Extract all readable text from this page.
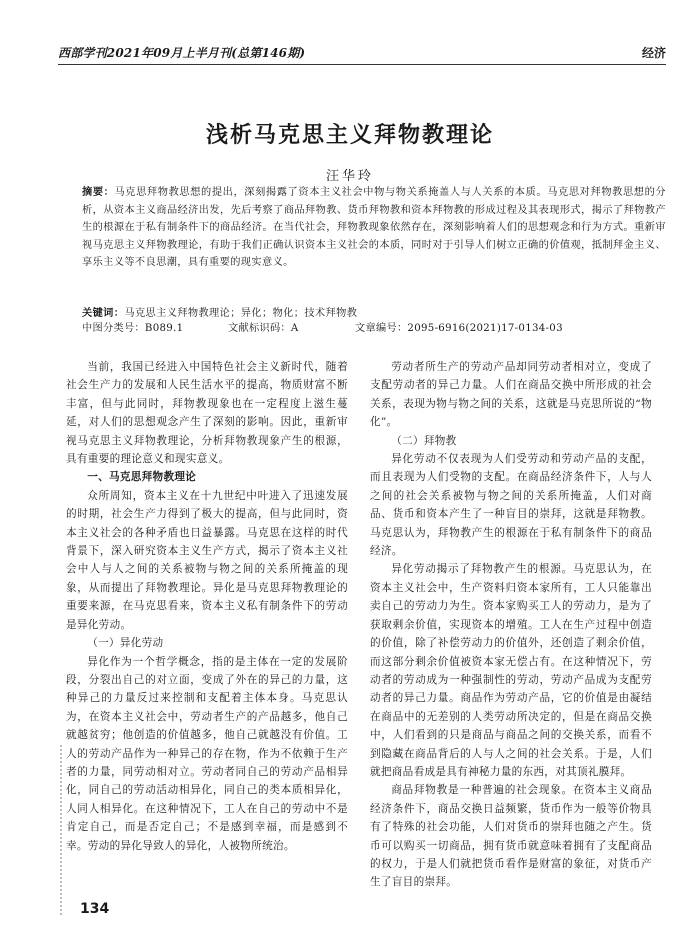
西部学刊2021年09月上半月刊(总第146期)	经济
浅析马克思主义拜物教理论
汪华玲
摘要：马克思拜物教思想的提出，深刻揭露了资本主义社会中物与物关系掩盖人与人关系的本质。马克思对拜物教思想的分析，从资本主义商品经济出发，先后考察了商品拜物教、货币拜物教和资本拜物教的形成过程及其表现形式，揭示了拜物教产生的根源在于私有制条件下的商品经济。在当代社会，拜物教现象依然存在，深刻影响着人们的思想观念和行为方式。重新审视马克思主义拜物教理论，有助于我们正确认识资本主义社会的本质，同时对于引导人们树立正确的价值观，抵制拜金主义、享乐主义等不良思潮，具有重要的现实意义。
关键词：马克思主义拜物教理论；异化；物化；技术拜物教
中图分类号：B089.1	文献标识码：A	文章编号：2095-6916(2021)17-0134-03

当前，我国已经进入中国特色社会主义新时代，随着社会生产力的发展和人民生活水平的提高，物质财富不断丰富，但与此同时，拜物教现象也在一定程度上滋生蔓延，对人们的思想观念产生了深刻的影响。因此，重新审视马克思主义拜物教理论，分析拜物教现象产生的根源，具有重要的理论意义和现实意义。

一、马克思拜物教理论

众所周知，资本主义在十九世纪中叶进入了迅速发展的时期，社会生产力得到了极大的提高，但与此同时，资本主义社会的各种矛盾也日益暴露。马克思在这样的时代背景下，深入研究资本主义生产方式，揭示了资本主义社会中人与人之间的关系被物与物之间的关系所掩盖的现象，从而提出了拜物教理论。异化是马克思拜物教理论的重要来源，在马克思看来，资本主义私有制条件下的劳动是异化劳动。

（一）异化劳动

异化作为一个哲学概念，指的是主体在一定的发展阶段，分裂出自己的对立面，变成了外在的异己的力量，这种异己的力量反过来控制和支配着主体本身。马克思认为，在资本主义社会中，劳动者生产的产品越多，他自己就越贫穷；他创造的价值越多，他自己就越没有价值。工人的劳动产品作为一种异己的存在物，作为不依赖于生产者的力量，同劳动相对立。劳动者同自己的劳动产品相异化，同自己的劳动活动相异化，同自己的类本质相异化，人同人相异化。在这种情况下，工人在自己的劳动中不是肯定自己，而是否定自己；不是感到幸福，而是感到不幸。劳动的异化导致人的异化，人被物所统治。

劳动者所生产的劳动产品却同劳动者相对立，变成了支配劳动者的异己力量。人们在商品交换中所形成的社会关系，表现为物与物之间的关系，这就是马克思所说的“物化”。

（二）拜物教

异化劳动不仅表现为人们受劳动和劳动产品的支配，而且表现为人们受物的支配。在商品经济条件下，人与人之间的社会关系被物与物之间的关系所掩盖，人们对商品、货币和资本产生了一种盲目的崇拜，这就是拜物教。马克思认为，拜物教产生的根源在于私有制条件下的商品经济。

异化劳动揭示了拜物教产生的根源。马克思认为，在资本主义社会中，生产资料归资本家所有，工人只能靠出卖自己的劳动力为生。资本家购买工人的劳动力，是为了获取剩余价值，实现资本的增殖。工人在生产过程中创造的价值，除了补偿劳动力的价值外，还创造了剩余价值，而这部分剩余价值被资本家无偿占有。在这种情况下，劳动者的劳动成为一种强制性的劳动，劳动产品成为支配劳动者的异己力量。商品作为劳动产品，它的价值是由凝结在商品中的无差别的人类劳动所决定的，但是在商品交换中，人们看到的只是商品与商品之间的交换关系，而看不到隐藏在商品背后的人与人之间的社会关系。于是，人们就把商品看成是具有神秘力量的东西，对其顶礼膜拜。

商品拜物教是一种普遍的社会现象。在资本主义商品经济条件下，商品交换日益频繁，货币作为一般等价物具有了特殊的社会功能，人们对货币的崇拜也随之产生。货币可以购买一切商品，拥有货币就意味着拥有了支配商品的权力，于是人们就把货币看作是财富的象征，对货币产生了盲目的崇拜。

134
